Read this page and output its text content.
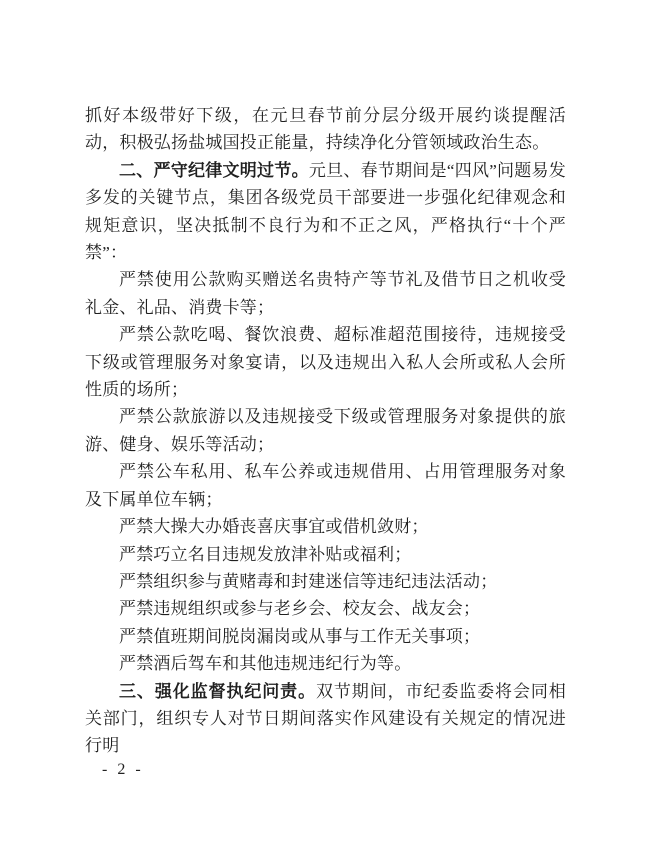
抓好本级带好下级，在元旦春节前分层分级开展约谈提醒活动，积极弘扬盐城国投正能量，持续净化分管领域政治生态。

二、严守纪律文明过节。元旦、春节期间是“四风”问题易发多发的关键节点，集团各级党员干部要进一步强化纪律观念和规矩意识，坚决抵制不良行为和不正之风，严格执行“十个严禁”：

严禁使用公款购买赠送名贵特产等节礼及借节日之机收受礼金、礼品、消费卡等；

严禁公款吃喝、餐饮浪费、超标准超范围接待，违规接受下级或管理服务对象宴请，以及违规出入私人会所或私人会所性质的场所；

严禁公款旅游以及违规接受下级或管理服务对象提供的旅游、健身、娱乐等活动；

严禁公车私用、私车公养或违规借用、占用管理服务对象及下属单位车辆；

严禁大操大办婚丧喜庆事宜或借机敛财；

严禁巧立名目违规发放津补贴或福利；

严禁组织参与黄赌毒和封建迷信等违纪违法活动；

严禁违规组织或参与老乡会、校友会、战友会；

严禁值班期间脱岗漏岗或从事与工作无关事项；

严禁酒后驾车和其他违规违纪行为等。

三、强化监督执纪问责。双节期间，市纪委监委将会同相关部门，组织专人对节日期间落实作风建设有关规定的情况进行明

- 2 -
